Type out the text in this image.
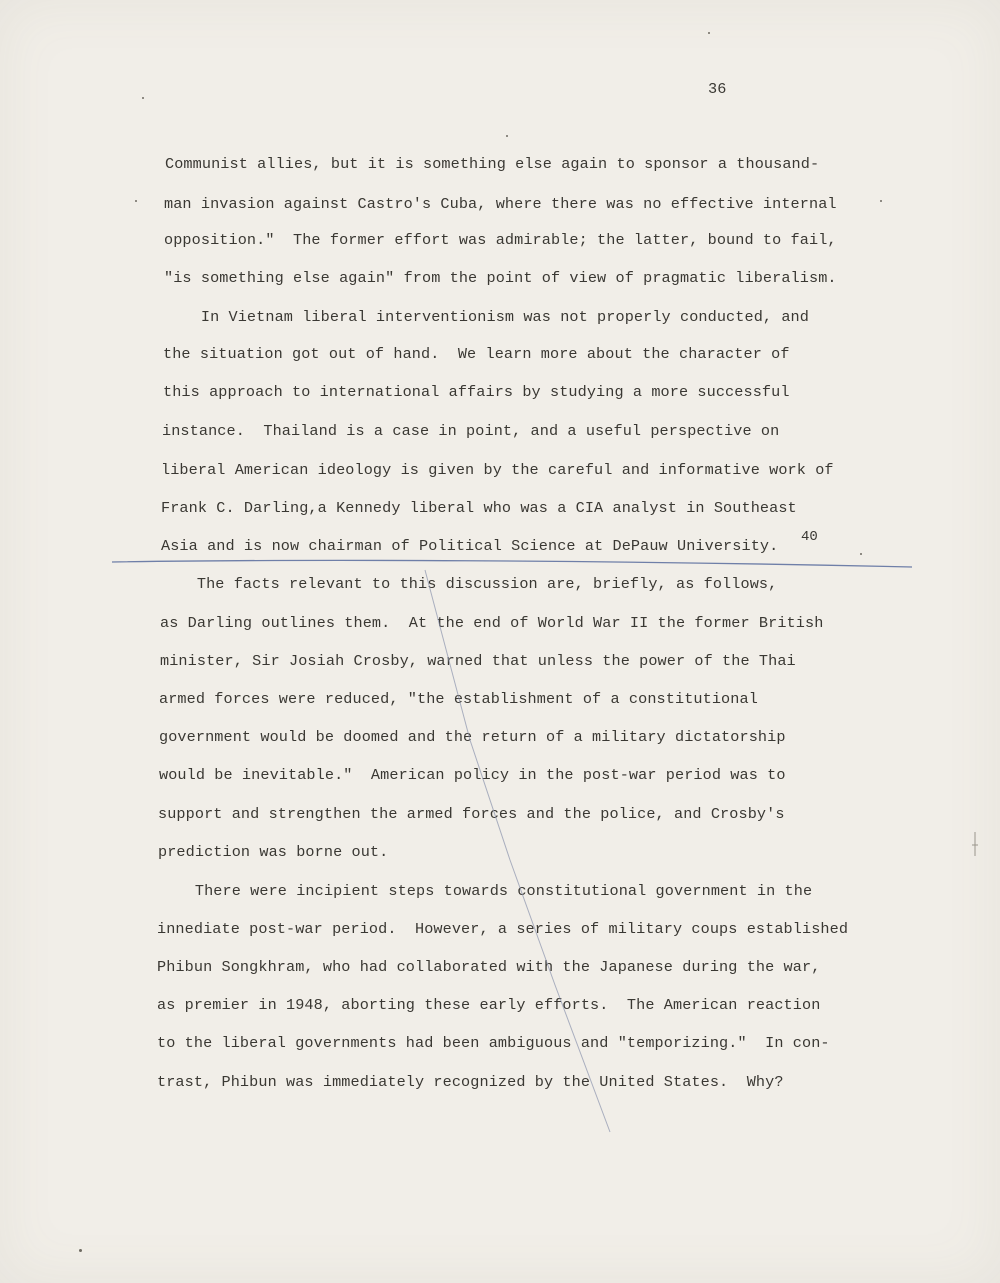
36
Communist allies, but it is something else again to sponsor a thousand-
man invasion against Castro's Cuba, where there was no effective internal
opposition."  The former effort was admirable; the latter, bound to fail,
"is something else again" from the point of view of pragmatic liberalism.
In Vietnam liberal interventionism was not properly conducted, and
the situation got out of hand.  We learn more about the character of
this approach to international affairs by studying a more successful
instance.  Thailand is a case in point, and a useful perspective on
liberal American ideology is given by the careful and informative work of
Frank C. Darling,a Kennedy liberal who was a CIA analyst in Southeast
Asia and is now chairman of Political Science at DePauw University. 40
The facts relevant to this discussion are, briefly, as follows,
as Darling outlines them.  At the end of World War II the former British
minister, Sir Josiah Crosby, warned that unless the power of the Thai
armed forces were reduced, "the establishment of a constitutional
government would be doomed and the return of a military dictatorship
would be inevitable."  American policy in the post-war period was to
support and strengthen the armed forces and the police, and Crosby's
prediction was borne out.
There were incipient steps towards constitutional government in the
innediate post-war period.  However, a series of military coups established
Phibun Songkhram, who had collaborated with the Japanese during the war,
as premier in 1948, aborting these early efforts.  The American reaction
to the liberal governments had been ambiguous and "temporizing."  In con-
trast, Phibun was immediately recognized by the United States.  Why?
